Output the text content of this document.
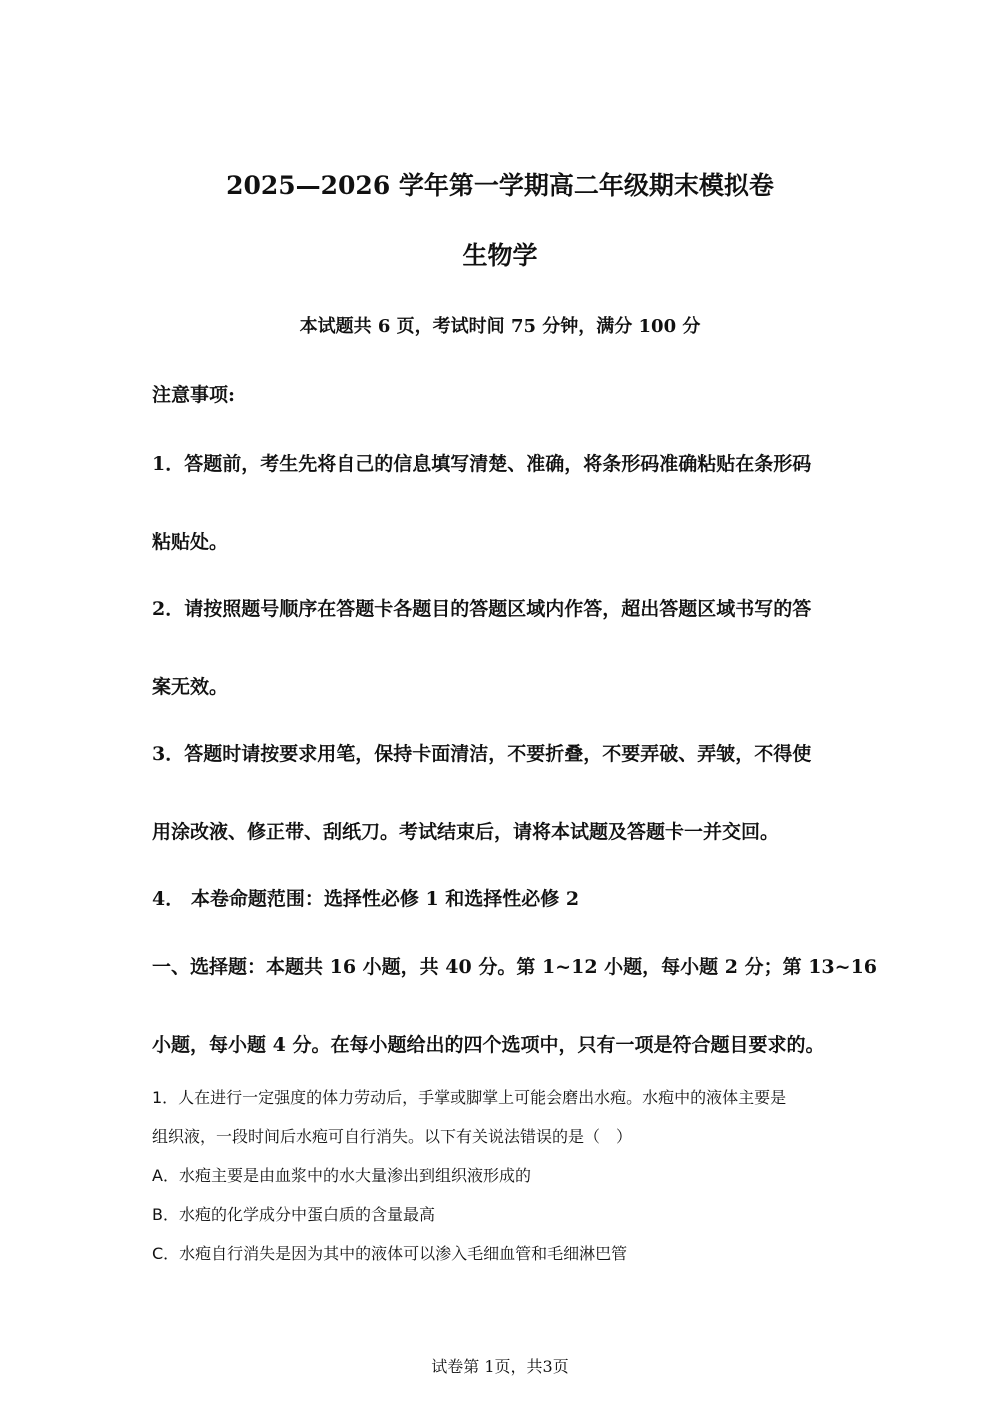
2025—2026 学年第一学期高二年级期末模拟卷
生物学
本试题共 6 页，考试时间 75 分钟，满分 100 分
注意事项:
1．答题前，考生先将自己的信息填写清楚、准确，将条形码准确粘贴在条形码
粘贴处。
2．请按照题号顺序在答题卡各题目的答题区域内作答，超出答题区域书写的答
案无效。
3．答题时请按要求用笔，保持卡面清洁，不要折叠，不要弄破、弄皱，不得使
用涂改液、修正带、刮纸刀。考试结束后，请将本试题及答题卡一并交回。
4． 本卷命题范围：选择性必修 1 和选择性必修 2
一、选择题：本题共 16 小题，共 40 分。第 1~12 小题，每小题 2 分；第 13~16
小题，每小题 4 分。在每小题给出的四个选项中，只有一项是符合题目要求的。
1．人在进行一定强度的体力劳动后，手掌或脚掌上可能会磨出水疱。水疱中的液体主要是
组织液，一段时间后水疱可自行消失。以下有关说法错误的是（　）
A．水疱主要是由血浆中的水大量渗出到组织液形成的
B．水疱的化学成分中蛋白质的含量最高
C．水疱自行消失是因为其中的液体可以渗入毛细血管和毛细淋巴管
试卷第 1页，共3页
